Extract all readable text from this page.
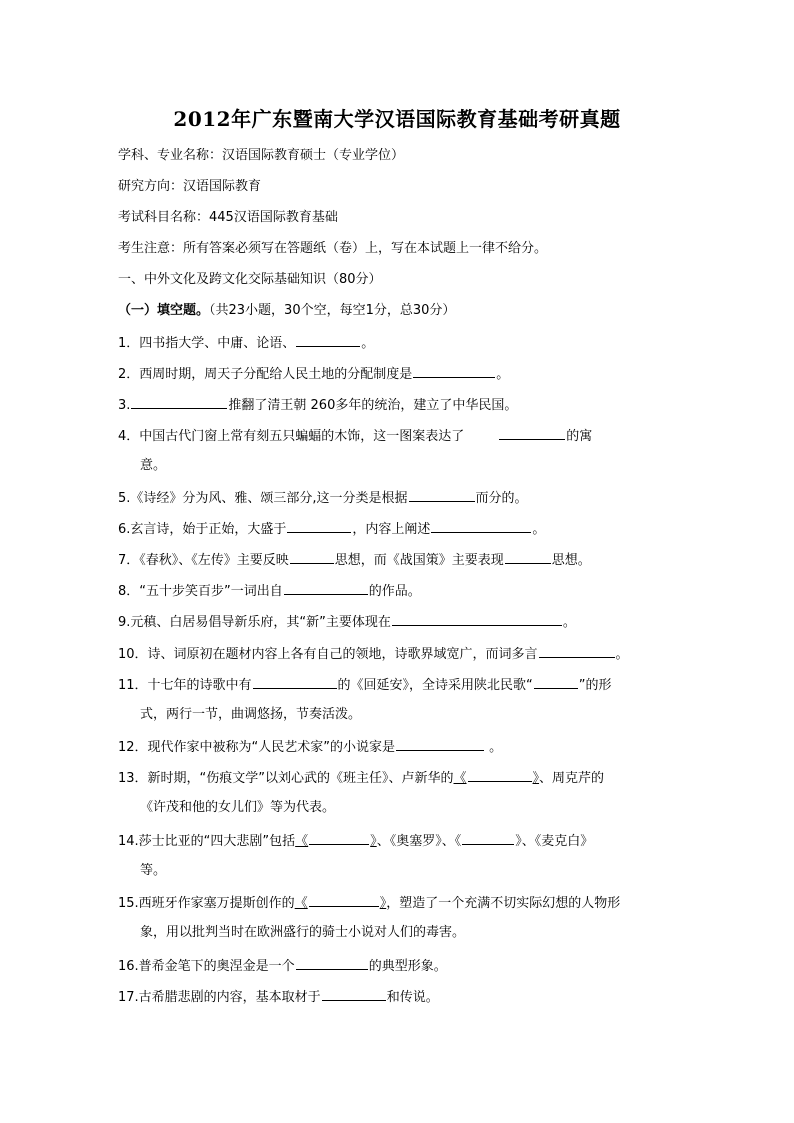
2012年广东暨南大学汉语国际教育基础考研真题
学科、专业名称：汉语国际教育硕士（专业学位）
研究方向：汉语国际教育
考试科目名称：445汉语国际教育基础
考生注意：所有答案必须写在答题纸（卷）上，写在本试题上一律不给分。
一、中外文化及跨文化交际基础知识（80分）
（一）填空题。（共23小题，30个空，每空1分，总30分）
1．四书指大学、中庸、论语、	。
2．西周时期，周天子分配给人民土地的分配制度是	。
3.	推翻了清王朝 260多年的统治，建立了中华民国。
4．中国古代门窗上常有刻五只蝙蝠的木饰，这一图案表达了	的寓
意。
5.《诗经》分为风、雅、颂三部分,这一分类是根据	而分的。
6.玄言诗，始于正始，大盛于	，内容上阐述	。
7．《春秋》、《左传》主要反映	思想，而《战国策》主要表现	思想。
8．“五十步笑百步”一词出自	的作品。
9.元稹、白居易倡导新乐府，其“新”主要体现在	。
10．诗、词原初在题材内容上各有自己的领地，诗歌界域宽广，而词多言	。
11．十七年的诗歌中有	的《回延安》，全诗采用陕北民歌“	”的形
式，两行一节，曲调悠扬，节奏活泼。
12．现代作家中被称为“人民艺术家”的小说家是	。
13．新时期，“伤痕文学”以刘心武的《班主任》、卢新华的《	》、周克芹的
《许茂和他的女儿们》等为代表。
14.莎士比亚的“四大悲剧”包括《	》、《奥塞罗》、《	》、《麦克白》
等。
15.西班牙作家塞万提斯创作的《	》，塑造了一个充满不切实际幻想的人物形
象，用以批判当时在欧洲盛行的骑士小说对人们的毒害。
16.普希金笔下的奥涅金是一个	的典型形象。
17.古希腊悲剧的内容，基本取材于	和传说。
